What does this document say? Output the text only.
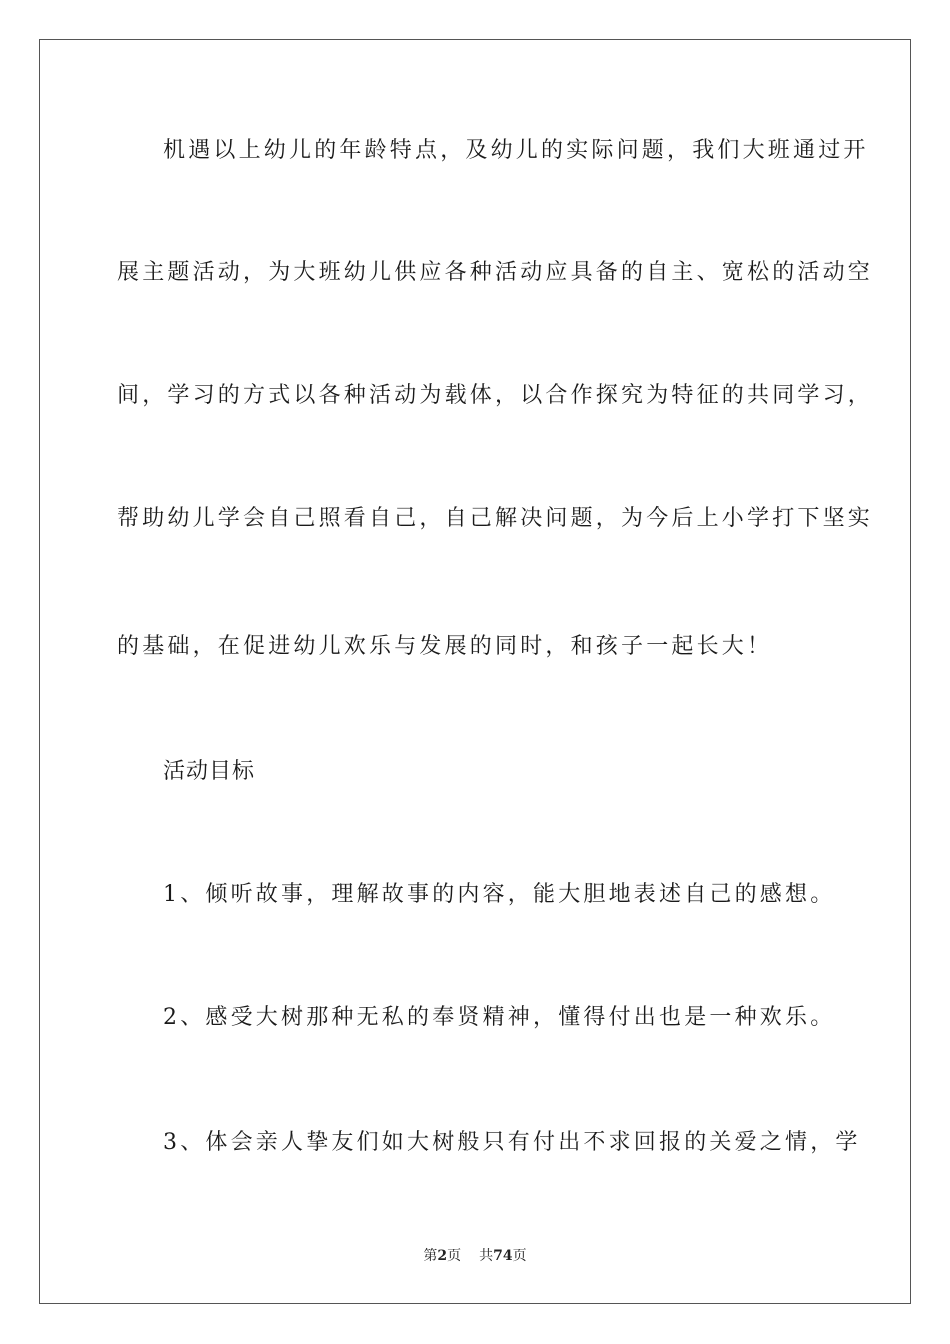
机遇以上幼儿的年龄特点，及幼儿的实际问题，我们大班通过开
展主题活动，为大班幼儿供应各种活动应具备的自主、宽松的活动空
间，学习的方式以各种活动为载体，以合作探究为特征的共同学习，
帮助幼儿学会自己照看自己，自己解决问题，为今后上小学打下坚实
的基础，在促进幼儿欢乐与发展的同时，和孩子一起长大！
活动目标
1、倾听故事，理解故事的内容，能大胆地表述自己的感想。
2、感受大树那种无私的奉贤精神，懂得付出也是一种欢乐。
3、体会亲人挚友们如大树般只有付出不求回报的关爱之情，学
第2页 共74页
